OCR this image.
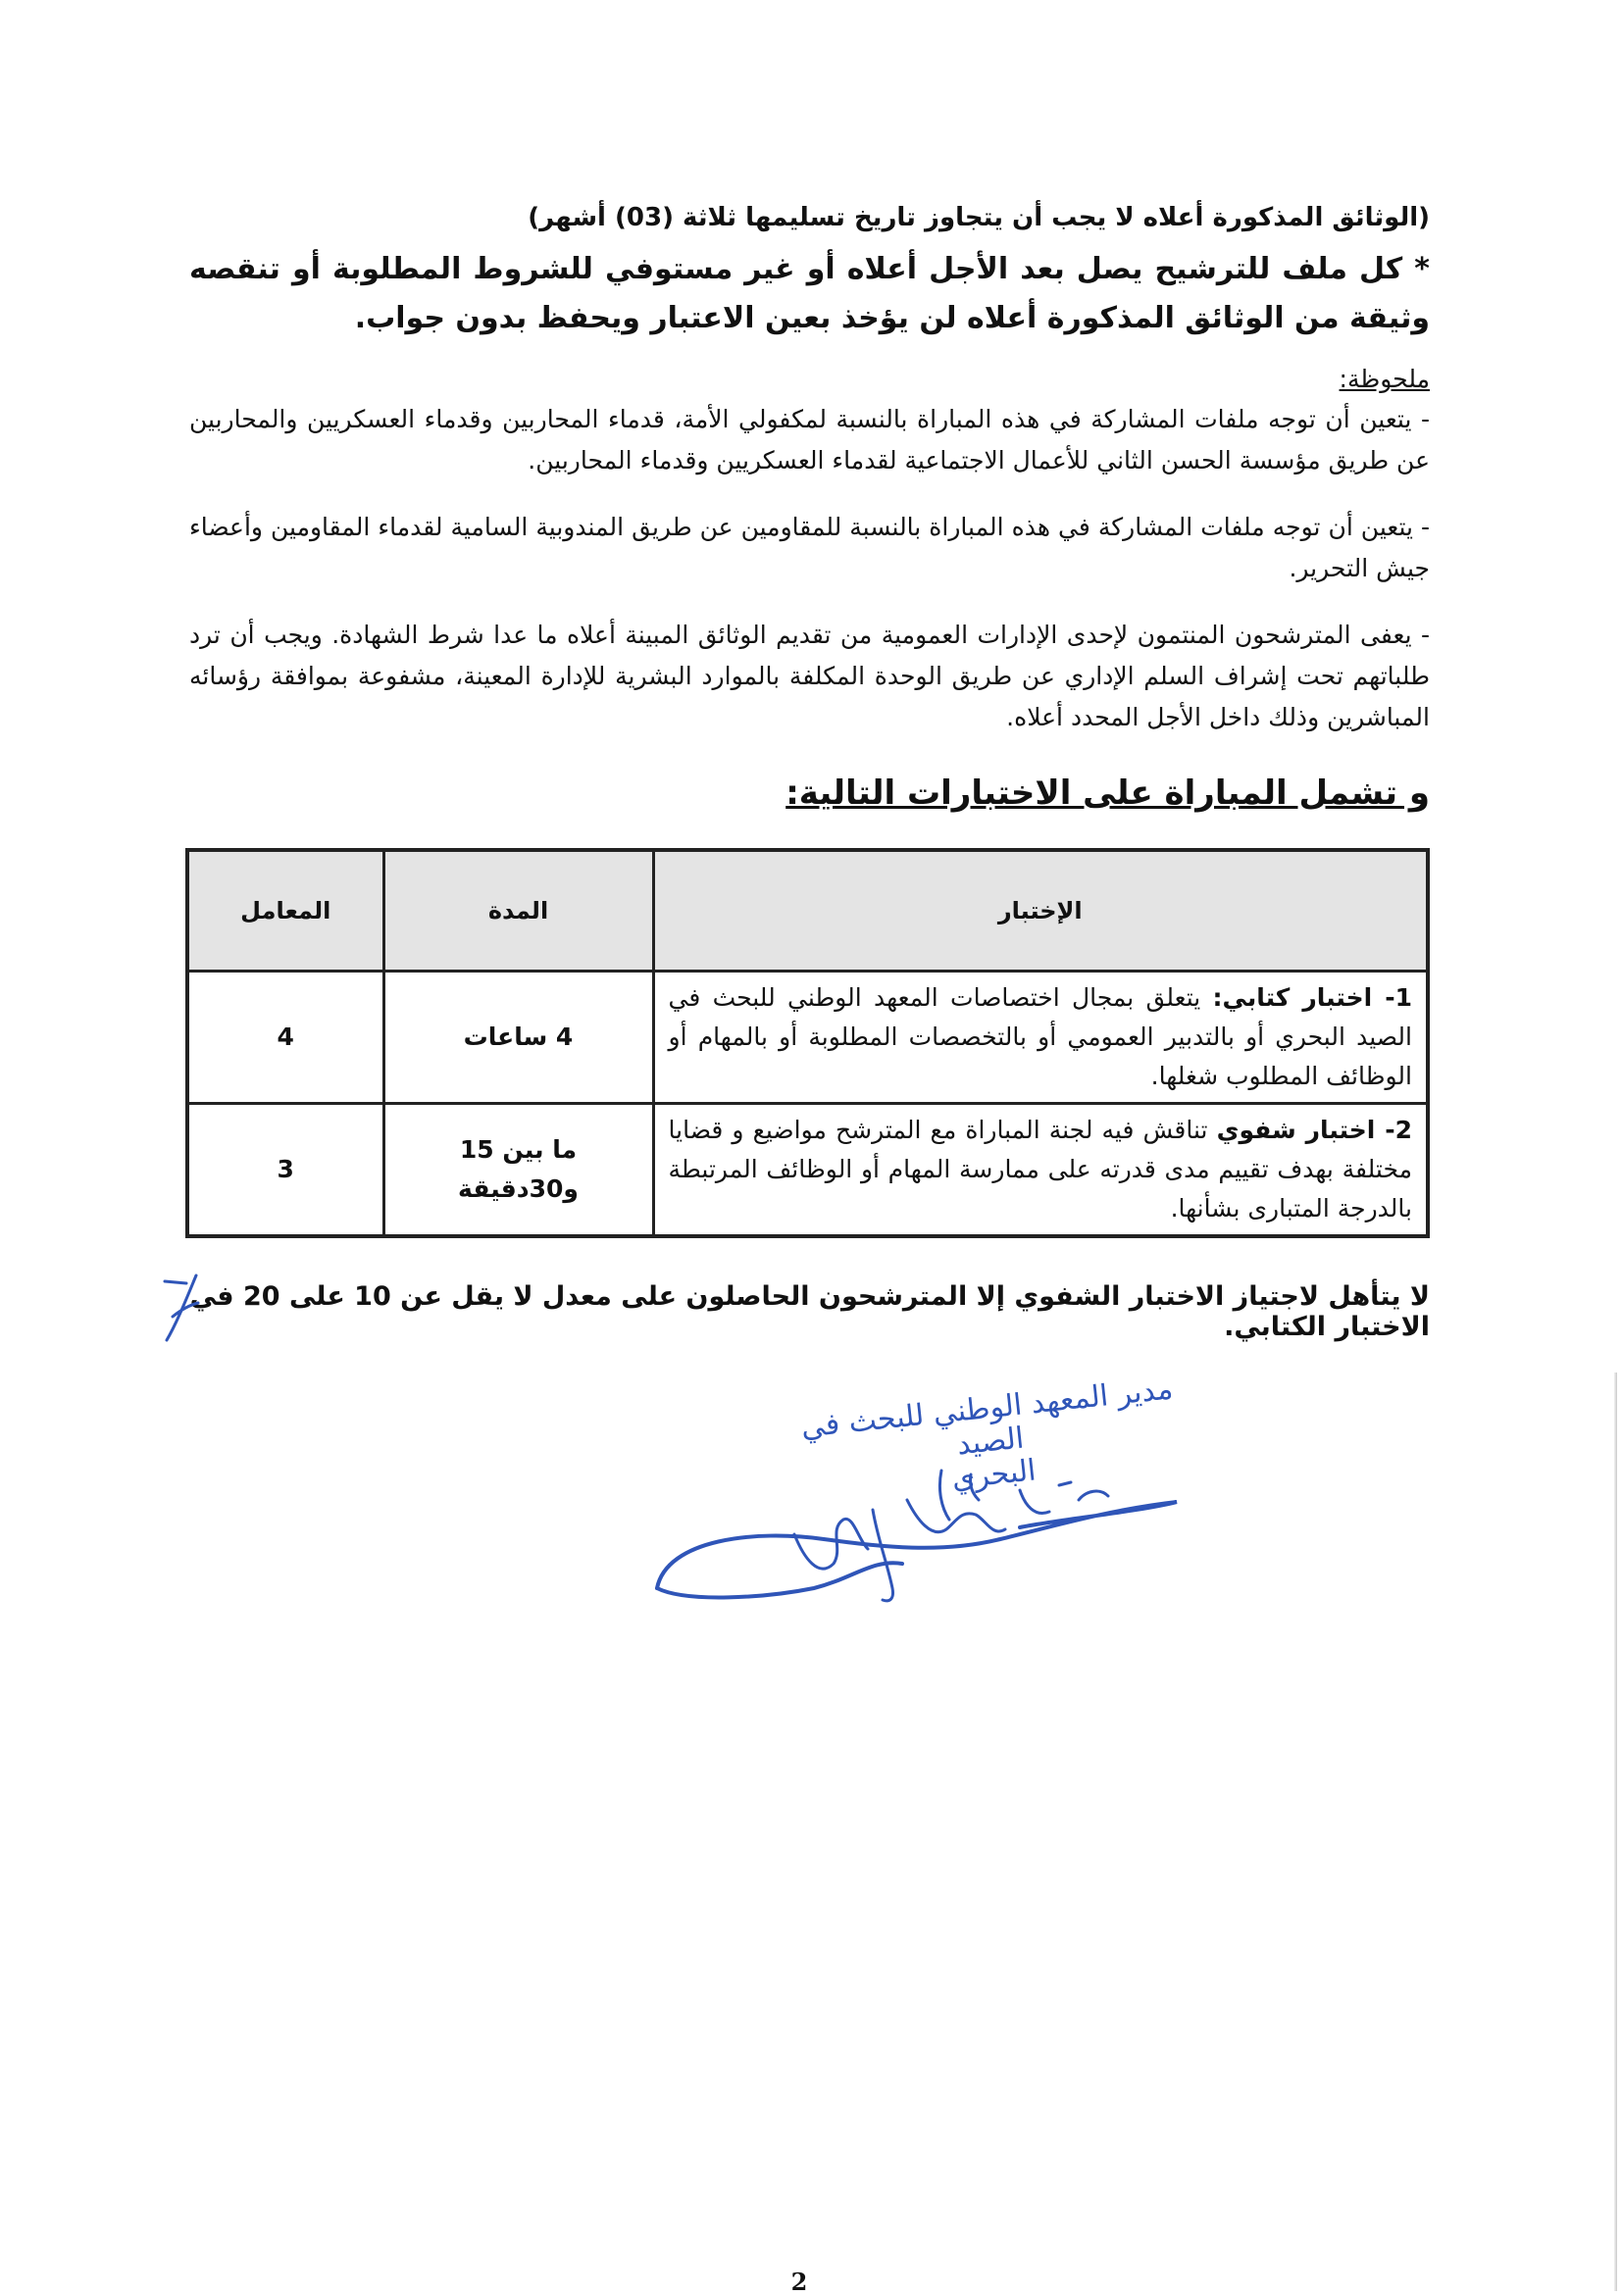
(الوثائق المذكورة أعلاه لا يجب أن يتجاوز تاريخ تسليمها ثلاثة (03) أشهر)

* كل ملف للترشيح يصل بعد الأجل أعلاه أو غير مستوفي للشروط المطلوبة أو تنقصه وثيقة من الوثائق المذكورة أعلاه لن يؤخذ بعين الاعتبار ويحفظ بدون جواب.

ملحوظة:

- يتعين أن توجه ملفات المشاركة في هذه المباراة بالنسبة لمكفولي الأمة، قدماء المحاربين وقدماء العسكريين والمحاربين عن طريق مؤسسة الحسن الثاني للأعمال الاجتماعية لقدماء العسكريين وقدماء المحاربين.

- يتعين أن توجه ملفات المشاركة في هذه المباراة بالنسبة للمقاومين عن طريق المندوبية السامية لقدماء المقاومين وأعضاء جيش التحرير.

- يعفى المترشحون المنتمون لإحدى الإدارات العمومية من تقديم الوثائق المبينة أعلاه ما عدا شرط الشهادة. ويجب أن ترد طلباتهم تحت إشراف السلم الإداري عن طريق الوحدة المكلفة بالموارد البشرية للإدارة المعينة، مشفوعة بموافقة رؤسائه المباشرين وذلك داخل الأجل المحدد أعلاه.

و تشمل المباراة على الاختبارات التالية:

الإختبار	المدة	المعامل
1- اختبار كتابي: يتعلق بمجال اختصاصات المعهد الوطني للبحث في الصيد البحري أو بالتدبير العمومي أو بالتخصصات المطلوبة أو بالمهام أو الوظائف المطلوب شغلها.	4 ساعات	4
2- اختبار شفوي تناقش فيه لجنة المباراة مع المترشح مواضيع و قضايا مختلفة بهدف تقييم مدى قدرته على ممارسة المهام أو الوظائف المرتبطة بالدرجة المتبارى بشأنها.	ما بين 15 و30دقيقة	3

لا يتأهل لاجتياز الاختبار الشفوي إلا المترشحون الحاصلون على معدل لا يقل عن 10 على 20 في الاختبار الكتابي.

مدير المعهد الوطني للبحث في الصيد
البحري
2
